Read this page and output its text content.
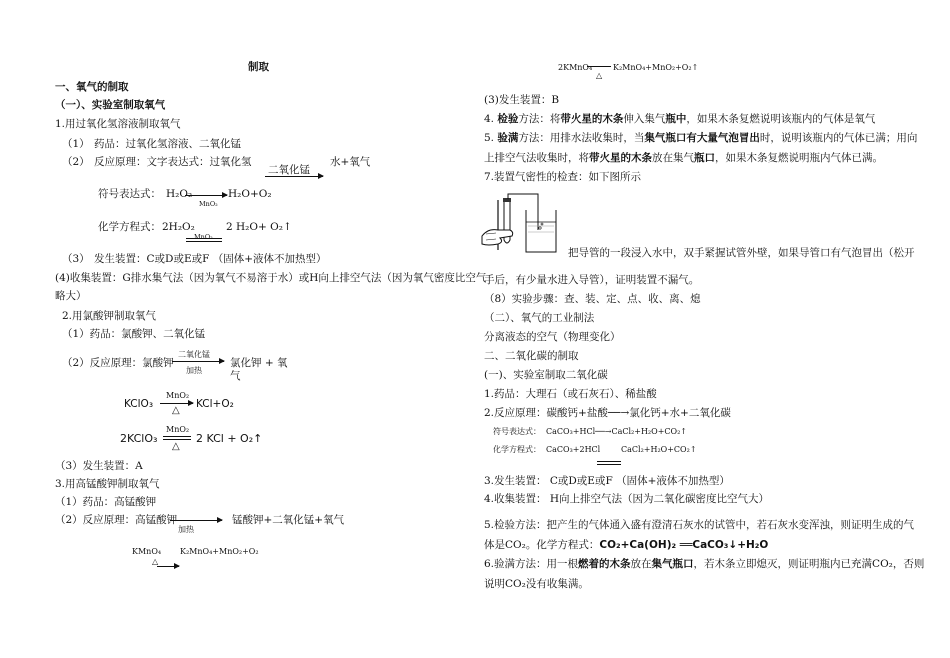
制取
一、氧气的制取
（一）、实验室制取氧气
1.用过氧化氢溶液制取氧气
（1） 药品：过氧化氢溶液、二氧化锰
（2） 反应原理：文字表达式：过氧化氢
二氧化锰
水+氧气
符号表达式： H₂O₂
MnO₂
H₂O+O₂
化学方程式： 2H₂O₂
MnO₂
2 H₂O+ O₂↑
（3） 发生装置：C或D或E或F （固体+液体不加热型）
(4)收集装置：G排水集气法（因为氧气不易溶于水）或H向上排空气法（因为氧气密度比空气
略大）
2.用氯酸钾制取氧气
（1）药品：氯酸钾、二氧化锰
（2）反应原理：氯酸钾
二氧化锰
加热
氯化钾 + 氧
气
KClO₃
MnO₂
△
KCl+O₂
2KClO₃
MnO₂
△
2 KCl + O₂↑
（3）发生装置：A
3.用高锰酸钾制取氧气
（1）药品：高锰酸钾
（2）反应原理：高锰酸钾
加热
锰酸钾+二氧化锰+氧气
KMnO₄
△
K₂MnO₄+MnO₂+O₂
2KMnO₄
△
K₂MnO₄+MnO₂+O₂↑
(3)发生装置：B
4. 检验方法：将带火星的木条伸入集气瓶中，如果木条复燃说明该瓶内的气体是氧气
5. 验满方法：用排水法收集时，当集气瓶口有大量气泡冒出时，说明该瓶内的气体已满；用向
上排空气法收集时，将带火星的木条放在集气瓶口，如果木条复燃说明瓶内气体已满。
7.装置气密性的检查：如下图所示
把导管的一段浸入水中，双手紧握试管外壁，如果导管口有气泡冒出（松开
手后，有少量水进入导管），证明装置不漏气。
（8）实验步骤：查、装、定、点、收、离、熄
（二）、氧气的工业制法
分离液态的空气（物理变化）
二、二氧化碳的制取
(一)、实验室制取二氧化碳
1.药品：大理石（或石灰石）、稀盐酸
2.反应原理：碳酸钙+盐酸──→氯化钙+水+二氧化碳
符号表达式： CaCO₃+HCl──→CaCl₂+H₂O+CO₂↑
化学方程式： CaCO₃+2HCl	CaCl₂+H₂O+CO₂↑
3.发生装置： C或D或E或F （固体+液体不加热型）
4.收集装置： H向上排空气法（因为二氧化碳密度比空气大）
5.检验方法：把产生的气体通入盛有澄清石灰水的试管中，若石灰水变浑浊，则证明生成的气
体是CO₂。化学方程式：CO₂+Ca(OH)₂ ══CaCO₃↓+H₂O
6.验满方法：用一根燃着的木条放在集气瓶口，若木条立即熄灭，则证明瓶内已充满CO₂，否则
说明CO₂没有收集满。
